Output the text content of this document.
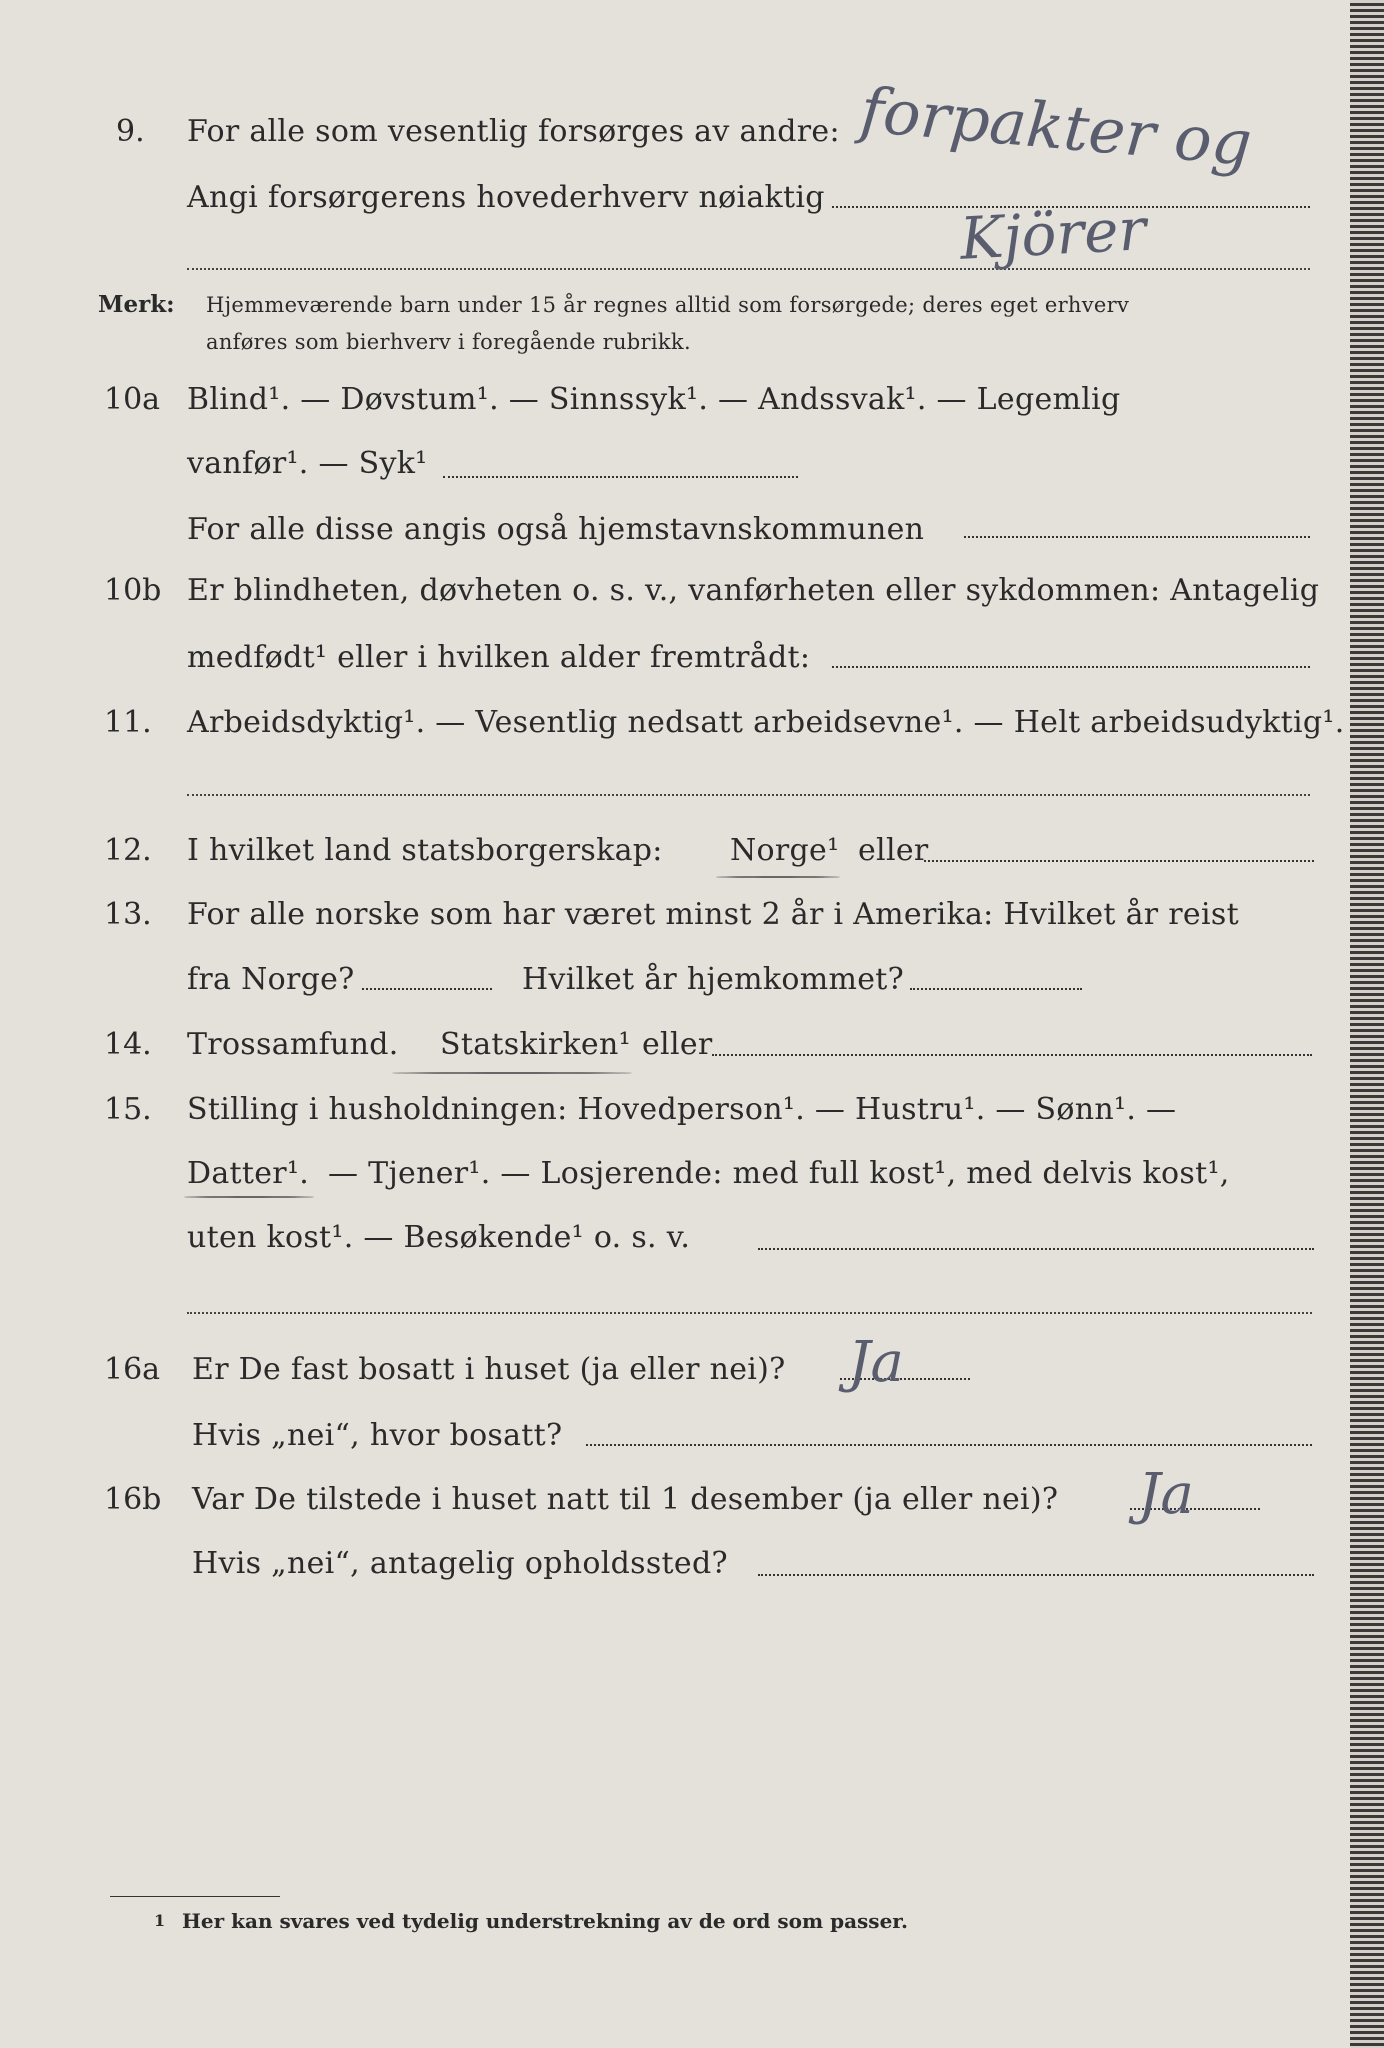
9. For alle som vesentlig forsørges av andre:
Angi forsørgerens hovederhverv nøiaktig
forpakter og
Kjörer
Merk: Hjemmeværende barn under 15 år regnes alltid som forsørgede; deres eget erhverv
anføres som bierhverv i foregående rubrikk.
10a Blind¹. — Døvstum¹. — Sinnssyk¹. — Andssvak¹. — Legemlig
vanfør¹. — Syk¹
For alle disse angis også hjemstavnskommunen
10b Er blindheten, døvheten o. s. v., vanførheten eller sykdommen: Antagelig
medfødt¹ eller i hvilken alder fremtrådt:
11. Arbeidsdyktig¹. — Vesentlig nedsatt arbeidsevne¹. — Helt arbeidsudyktig¹.
12. I hvilket land statsborgerskap: Norge¹ eller
13. For alle norske som har været minst 2 år i Amerika: Hvilket år reist
fra Norge?	Hvilket år hjemkommet?
14. Trossamfund. Statskirken¹ eller
15. Stilling i husholdningen: Hovedperson¹. — Hustru¹. — Sønn¹. —
Datter¹. — Tjener¹. — Losjerende: med full kost¹, med delvis kost¹,
uten kost¹. — Besøkende¹ o. s. v.
16a Er De fast bosatt i huset (ja eller nei)? Ja
Hvis „nei“, hvor bosatt?
16b Var De tilstede i huset natt til 1 desember (ja eller nei)? Ja
Hvis „nei“, antagelig opholdssted?
1 Her kan svares ved tydelig understrekning av de ord som passer.
